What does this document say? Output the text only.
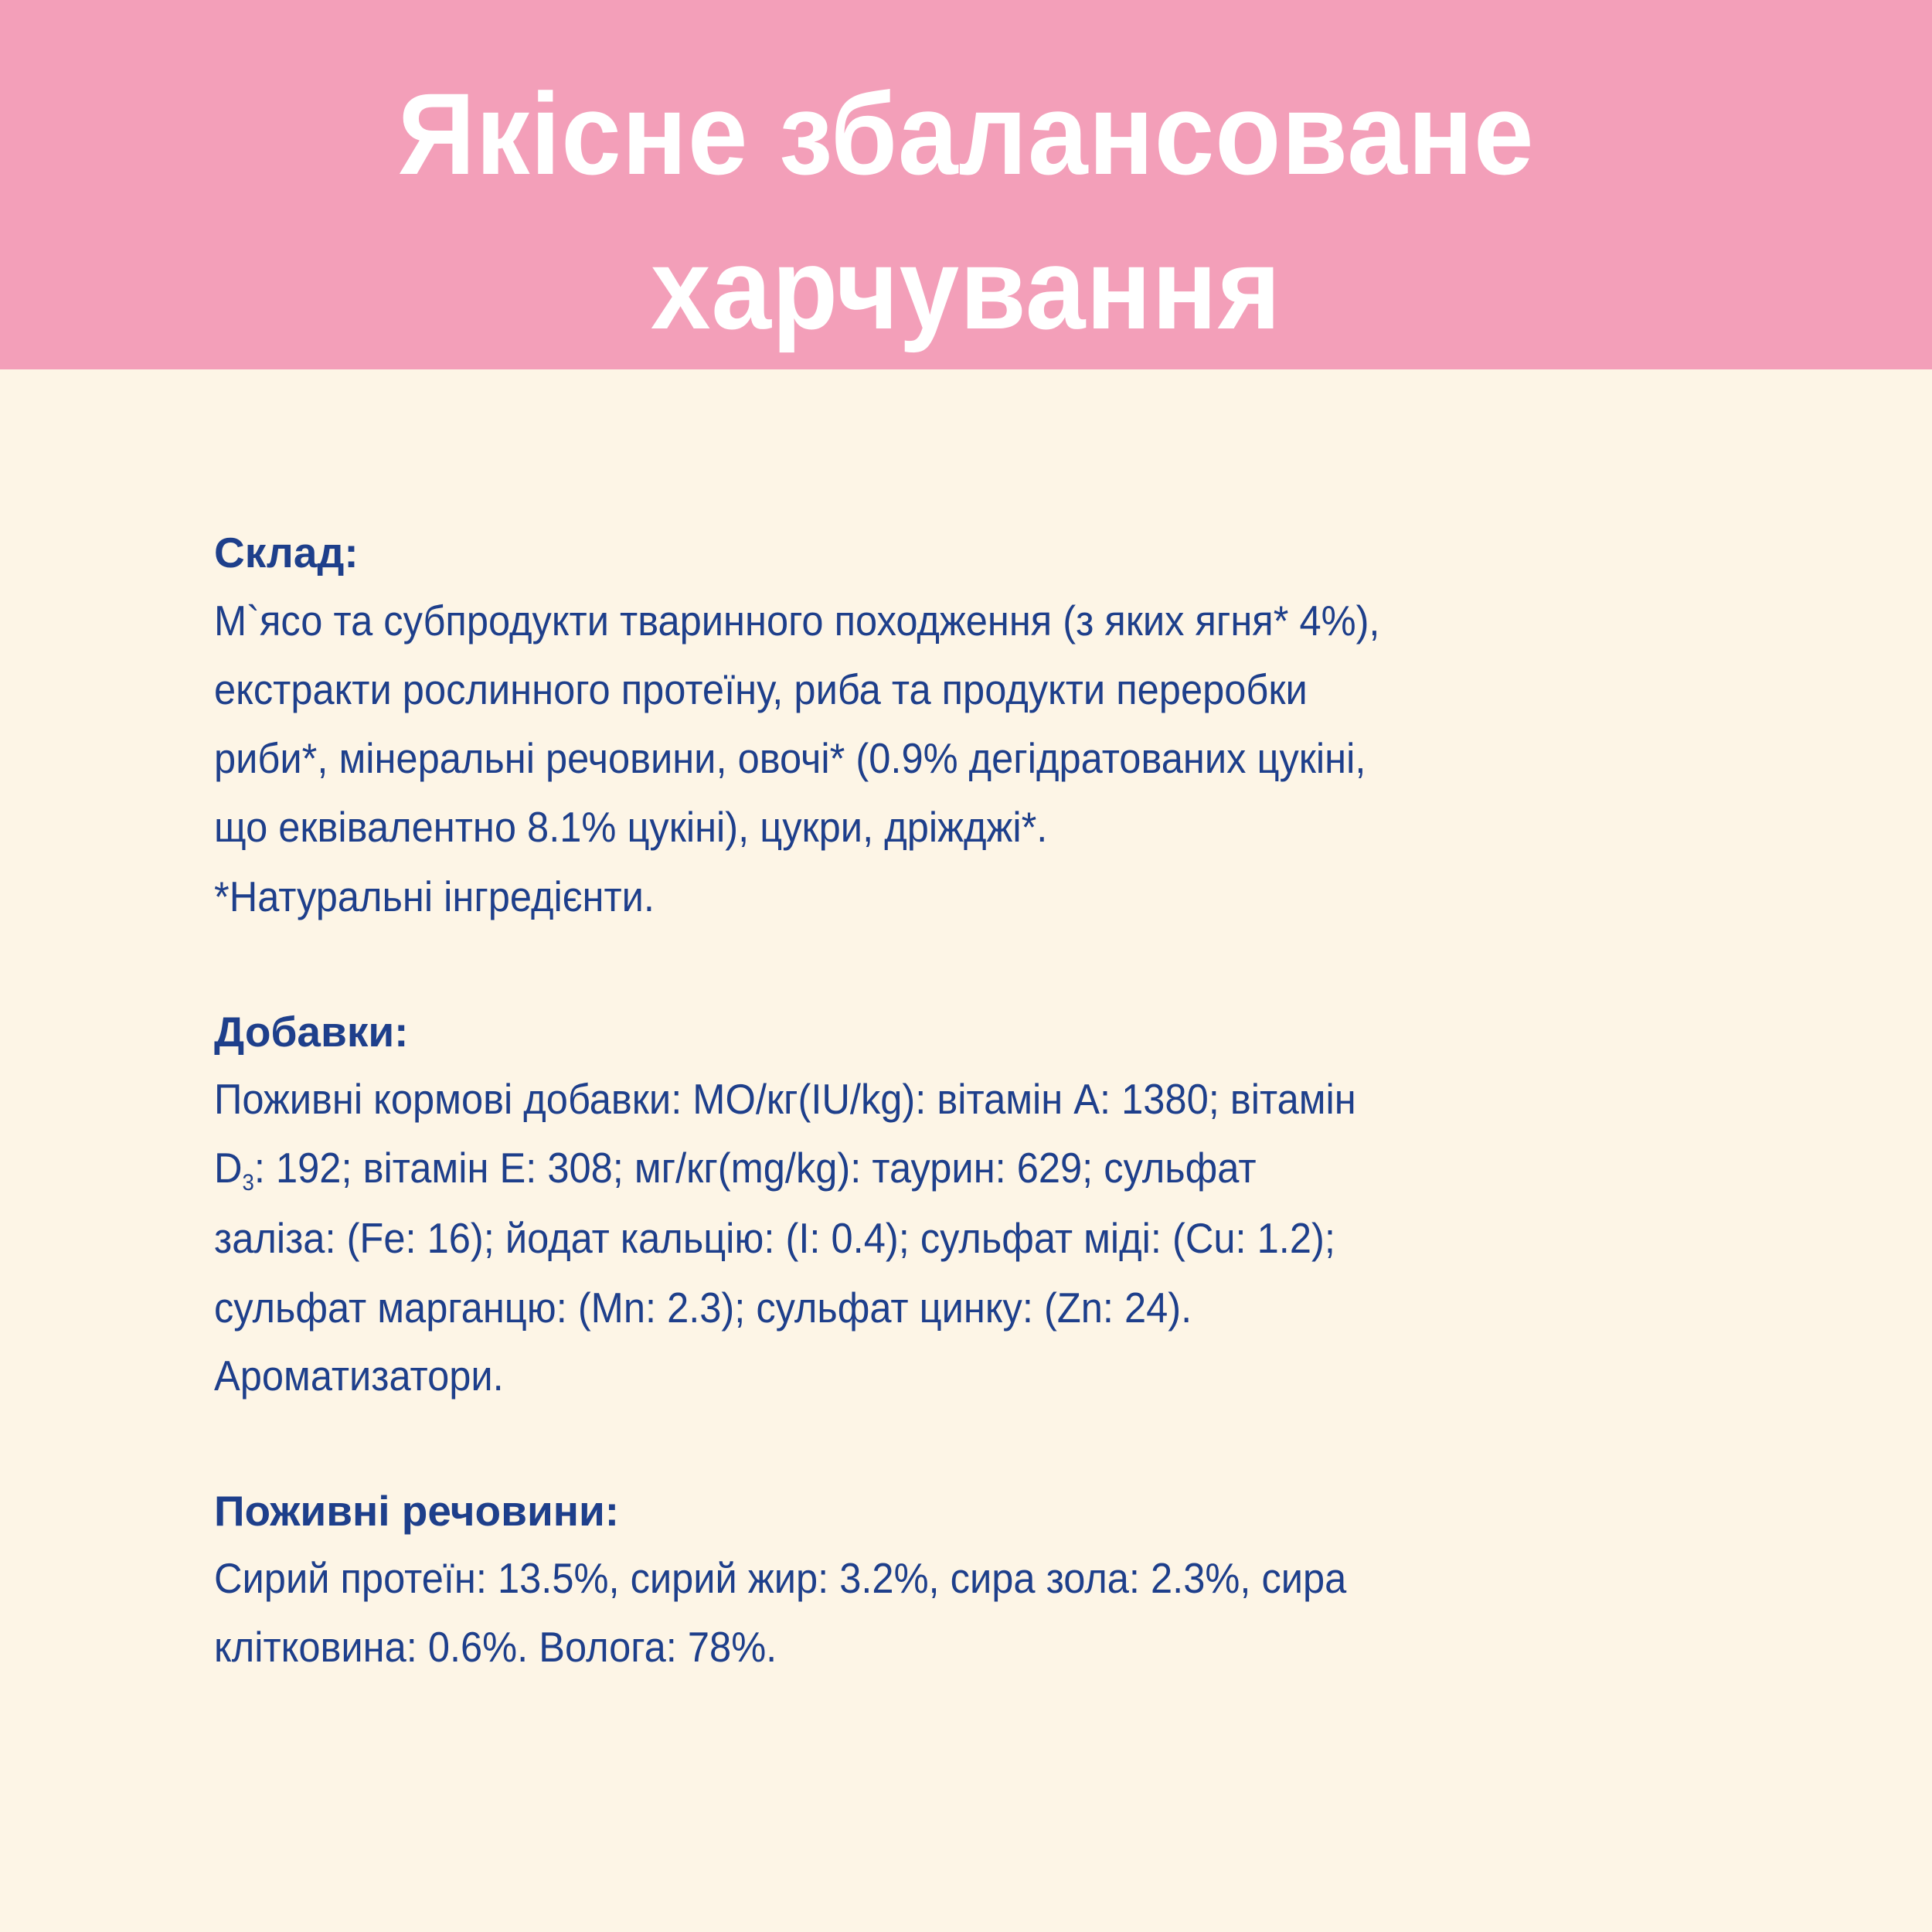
Якісне збалансоване
харчування
Склад:
М`ясо та субпродукти тваринного походження (з яких ягня* 4%),
екстракти рослинного протеїну, риба та продукти переробки
риби*, мінеральні речовини, овочі* (0.9% дегідратованих цукіні,
що еквівалентно 8.1% цукіні), цукри, дріжджі*.
*Натуральні інгредієнти.
Добавки:
Поживні кормові добавки: МО/кг(IU/kg): вітамін А: 1380; вітамін
$D_3$: 192; вітамін Е: 308; мг/кг(mg/kg): таурин: 629; сульфат
заліза: (Fe: 16); йодат кальцію: (I: 0.4); сульфат міді: (Cu: 1.2);
сульфат марганцю: (Mn: 2.3); сульфат цинку: (Zn: 24).
Ароматизатори.
Поживні речовини:
Сирий протеїн: 13.5%, сирий жир: 3.2%, сира зола: 2.3%, сира
клітковина: 0.6%. Волога: 78%.
